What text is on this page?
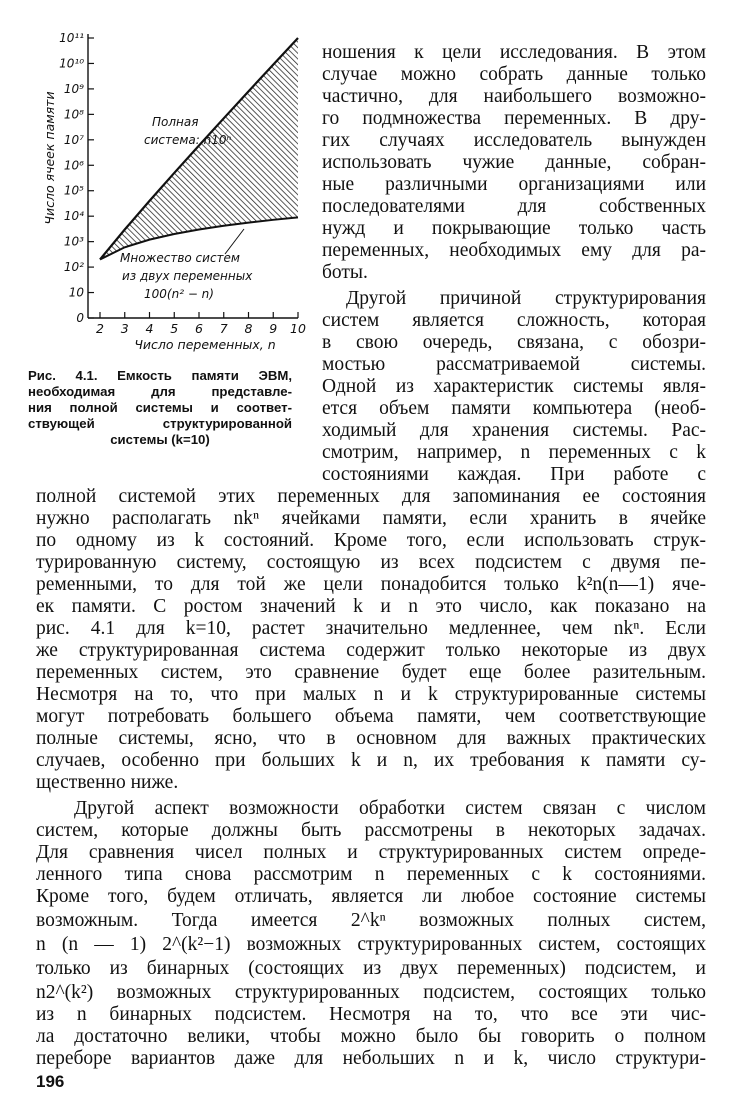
0
10
10²
10³
10⁴
10⁵
10⁶
10⁷
10⁸
10⁹
10¹⁰
10¹¹
2 3 4 5 6 7 8 9 10
Число переменных, n
Число ячеек памяти	Полная
система: n10ⁿ
Множество систем
из двух переменных
100(n² − n)
Рис. 4.1. Емкость памяти ЭВМ,
необходимая для представле-
ния полной системы и соответ-
ствующей структурированной
системы (k=10)
ношения к цели исследования. В этом
случае можно собрать данные только
частично, для наибольшего возможно-
го подмножества переменных. В дру-
гих случаях исследователь вынужден
использовать чужие данные, собран-
ные различными организациями или
последователями для собственных
нужд и покрывающие только часть
переменных, необходимых ему для ра-
боты.
Другой причиной структурирования
систем является сложность, которая
в свою очередь, связана, с обозри-
мостью рассматриваемой системы.
Одной из характеристик системы явля-
ется объем памяти компьютера (необ-
ходимый для хранения системы. Рас-
смотрим, например, n переменных с k
состояниями каждая. При работе с
полной системой этих переменных для запоминания ее состояния
нужно располагать nkⁿ ячейками памяти, если хранить в ячейке
по одному из k состояний. Кроме того, если использовать струк-
турированную систему, состоящую из всех подсистем с двумя пе-
ременными, то для той же цели понадобится только k²n(n—1) яче-
ек памяти. С ростом значений k и n это число, как показано на
рис. 4.1 для k=10, растет значительно медленнее, чем nkⁿ. Если
же структурированная система содержит только некоторые из двух
переменных систем, это сравнение будет еще более разительным.
Несмотря на то, что при малых n и k структурированные системы
могут потребовать большего объема памяти, чем соответствующие
полные системы, ясно, что в основном для важных практических
случаев, особенно при больших k и n, их требования к памяти су-
щественно ниже.
Другой аспект возможности обработки систем связан с числом
систем, которые должны быть рассмотрены в некоторых задачах.
Для сравнения чисел полных и структурированных систем опреде-
ленного типа снова рассмотрим n переменных с k состояниями.
Кроме того, будем отличать, является ли любое состояние системы
возможным. Тогда имеется 2^kⁿ возможных полных систем,
n (n — 1) 2^(k²−1) возможных структурированных систем, состоящих
только из бинарных (состоящих из двух переменных) подсистем, и
n2^(k²) возможных структурированных подсистем, состоящих только
из n бинарных подсистем. Несмотря на то, что все эти чис-
ла достаточно велики, чтобы можно было бы говорить о полном
переборе вариантов даже для небольших n и k, число структури-
196
